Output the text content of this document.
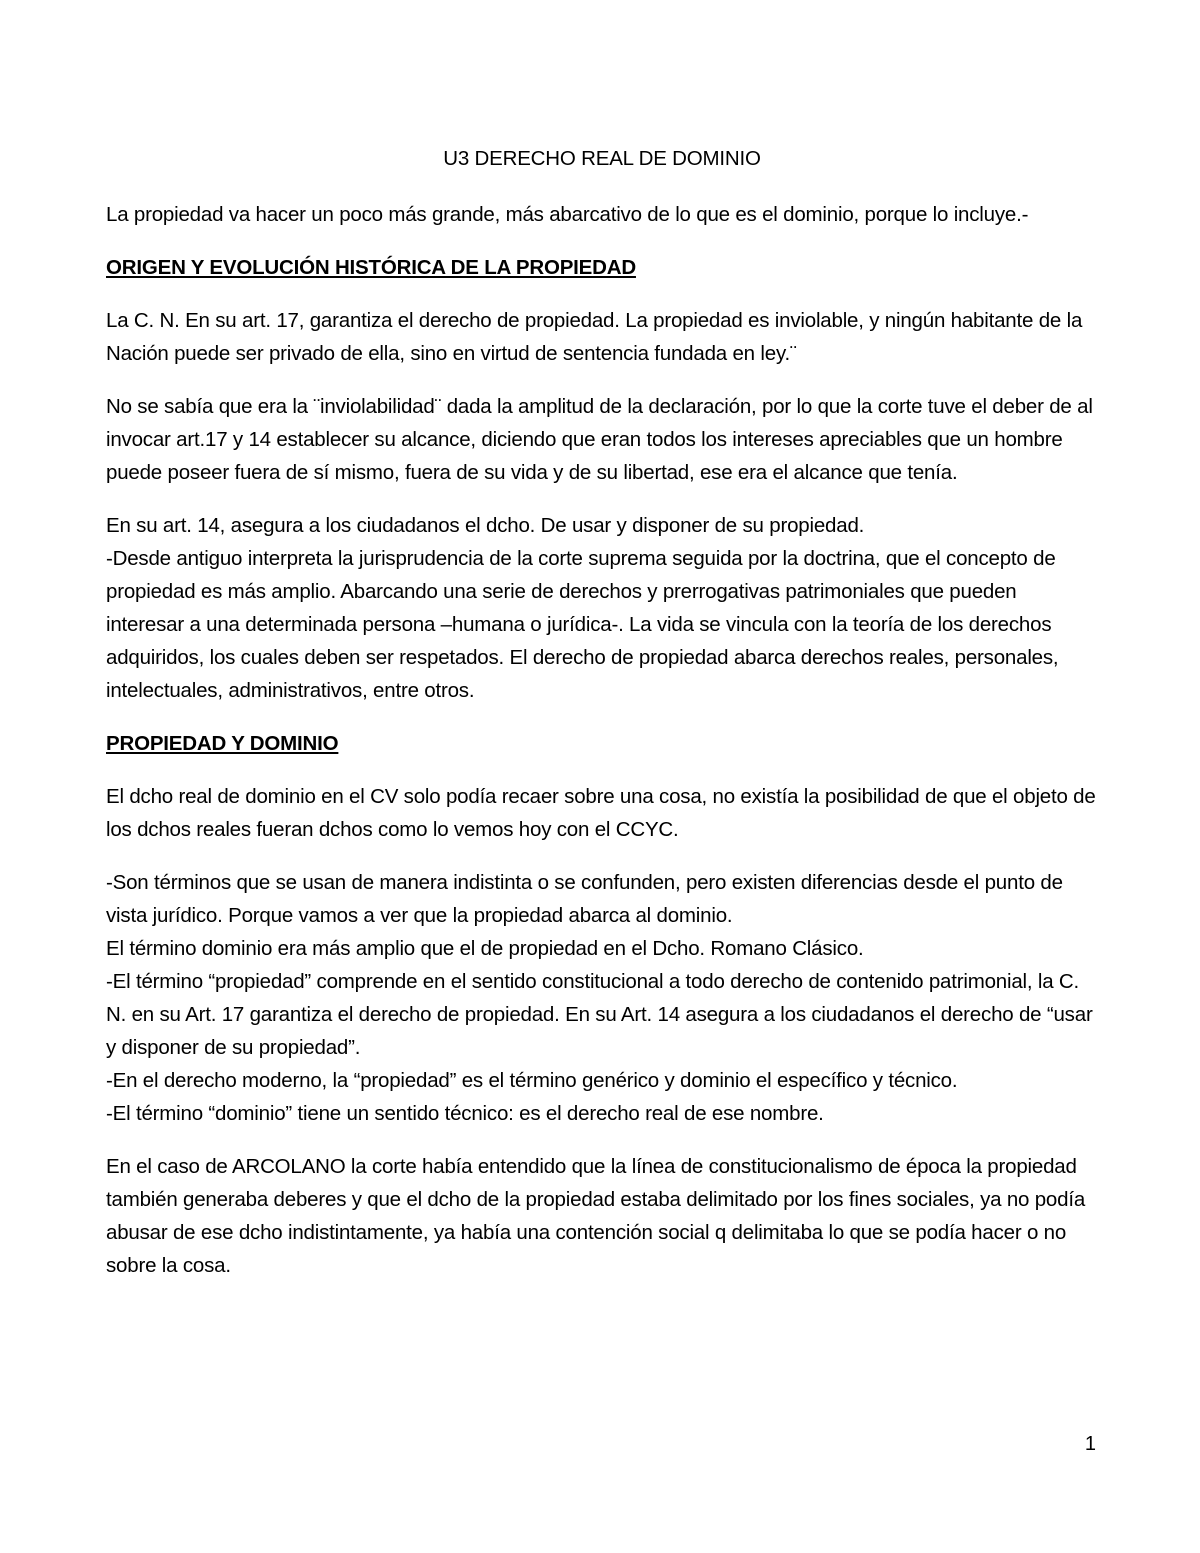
U3 DERECHO REAL DE DOMINIO

La propiedad va hacer un poco más grande, más abarcativo de lo que es el dominio, porque lo incluye.-

ORIGEN Y EVOLUCIÓN HISTÓRICA DE LA PROPIEDAD

La C. N. En su art. 17, garantiza el derecho de propiedad. La propiedad es inviolable, y ningún habitante de la Nación puede ser privado de ella, sino en virtud de sentencia fundada en ley.¨

No se sabía que era la ¨inviolabilidad¨ dada la amplitud de la declaración, por lo que la corte tuve el deber de al invocar art.17 y 14 establecer su alcance, diciendo que eran todos los intereses apreciables que un hombre puede poseer fuera de sí mismo, fuera de su vida y de su libertad, ese era el alcance que tenía.

En su art. 14, asegura a los ciudadanos el dcho. De usar y disponer de su propiedad.
-Desde antiguo interpreta la jurisprudencia de la corte suprema seguida por la doctrina, que el concepto de propiedad es más amplio. Abarcando una serie de derechos y prerrogativas patrimoniales que pueden interesar a una determinada persona –humana o jurídica-. La vida se vincula con la teoría de los derechos adquiridos, los cuales deben ser respetados. El derecho de propiedad abarca derechos reales, personales, intelectuales, administrativos, entre otros.

PROPIEDAD Y DOMINIO

El dcho real de dominio en el CV solo podía recaer sobre una cosa, no existía la posibilidad de que el objeto de los dchos reales fueran dchos como lo vemos hoy con el CCYC.

-Son términos que se usan de manera indistinta o se confunden, pero existen diferencias desde el punto de vista jurídico. Porque vamos a ver que la propiedad abarca al dominio.
El término dominio era más amplio que el de propiedad en el Dcho. Romano Clásico.
-El término “propiedad” comprende en el sentido constitucional a todo derecho de contenido patrimonial, la C. N. en su Art. 17 garantiza el derecho de propiedad. En su Art. 14 asegura a los ciudadanos el derecho de “usar y disponer de su propiedad”.
-En el derecho moderno, la “propiedad” es el término genérico y dominio el específico y técnico.
-El término “dominio” tiene un sentido técnico: es el derecho real de ese nombre.

En el caso de ARCOLANO la corte había entendido que la línea de constitucionalismo de época la propiedad también generaba deberes y que el dcho de la propiedad estaba delimitado por los fines sociales, ya no podía abusar de ese dcho indistintamente, ya había una contención social q delimitaba lo que se podía hacer o no sobre la cosa.

1
